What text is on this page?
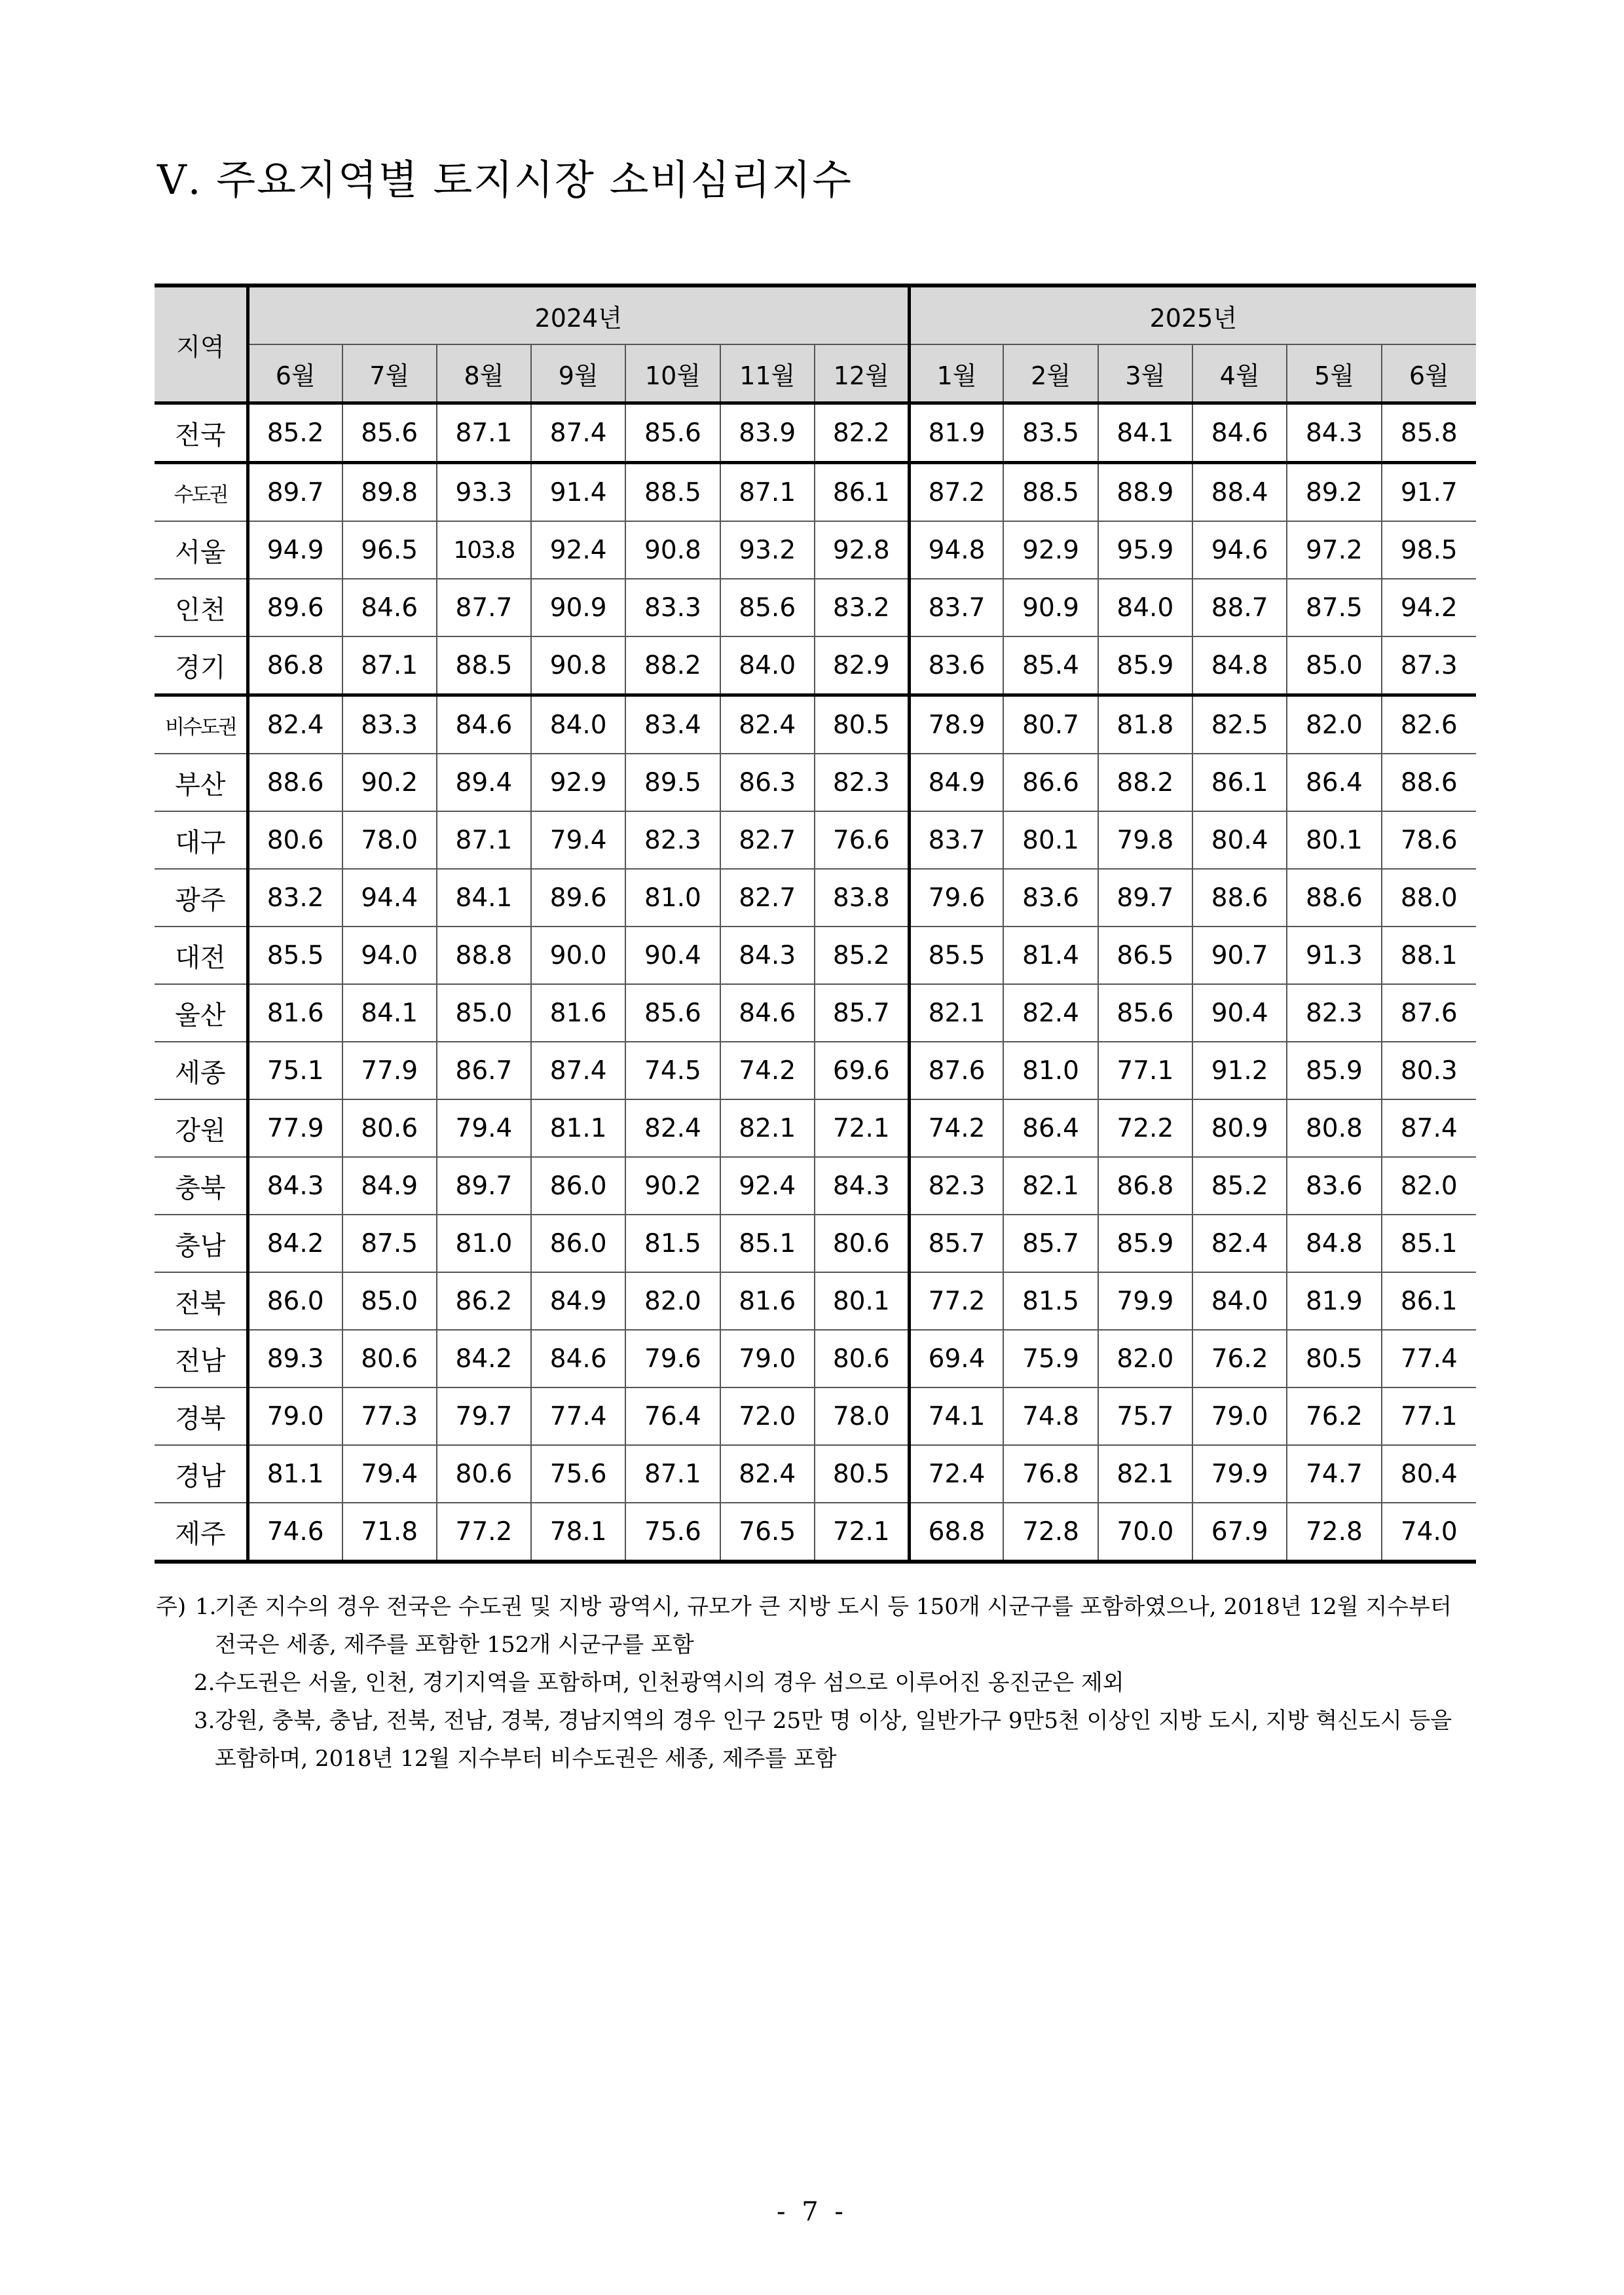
Ⅴ. 주요지역별 토지시장 소비심리지수
지역	2024년							2025년					
	6월	7월	8월	9월	10월	11월	12월	1월	2월	3월	4월	5월	6월
전국	85.2	85.6	87.1	87.4	85.6	83.9	82.2	81.9	83.5	84.1	84.6	84.3	85.8
수도권	89.7	89.8	93.3	91.4	88.5	87.1	86.1	87.2	88.5	88.9	88.4	89.2	91.7
서울	94.9	96.5	103.8	92.4	90.8	93.2	92.8	94.8	92.9	95.9	94.6	97.2	98.5
인천	89.6	84.6	87.7	90.9	83.3	85.6	83.2	83.7	90.9	84.0	88.7	87.5	94.2
경기	86.8	87.1	88.5	90.8	88.2	84.0	82.9	83.6	85.4	85.9	84.8	85.0	87.3
비수도권	82.4	83.3	84.6	84.0	83.4	82.4	80.5	78.9	80.7	81.8	82.5	82.0	82.6
부산	88.6	90.2	89.4	92.9	89.5	86.3	82.3	84.9	86.6	88.2	86.1	86.4	88.6
대구	80.6	78.0	87.1	79.4	82.3	82.7	76.6	83.7	80.1	79.8	80.4	80.1	78.6
광주	83.2	94.4	84.1	89.6	81.0	82.7	83.8	79.6	83.6	89.7	88.6	88.6	88.0
대전	85.5	94.0	88.8	90.0	90.4	84.3	85.2	85.5	81.4	86.5	90.7	91.3	88.1
울산	81.6	84.1	85.0	81.6	85.6	84.6	85.7	82.1	82.4	85.6	90.4	82.3	87.6
세종	75.1	77.9	86.7	87.4	74.5	74.2	69.6	87.6	81.0	77.1	91.2	85.9	80.3
강원	77.9	80.6	79.4	81.1	82.4	82.1	72.1	74.2	86.4	72.2	80.9	80.8	87.4
충북	84.3	84.9	89.7	86.0	90.2	92.4	84.3	82.3	82.1	86.8	85.2	83.6	82.0
충남	84.2	87.5	81.0	86.0	81.5	85.1	80.6	85.7	85.7	85.9	82.4	84.8	85.1
전북	86.0	85.0	86.2	84.9	82.0	81.6	80.1	77.2	81.5	79.9	84.0	81.9	86.1
전남	89.3	80.6	84.2	84.6	79.6	79.0	80.6	69.4	75.9	82.0	76.2	80.5	77.4
경북	79.0	77.3	79.7	77.4	76.4	72.0	78.0	74.1	74.8	75.7	79.0	76.2	77.1
경남	81.1	79.4	80.6	75.6	87.1	82.4	80.5	72.4	76.8	82.1	79.9	74.7	80.4
제주	74.6	71.8	77.2	78.1	75.6	76.5	72.1	68.8	72.8	70.0	67.9	72.8	74.0
주) 1.
기존 지수의 경우 전국은 수도권 및 지방 광역시, 규모가 큰 지방 도시 등 150개 시군구를 포함하였으나, 2018년 12월 지수부터 전국은 세종, 제주를 포함한 152개 시군구를 포함
2. 수도권은 서울, 인천, 경기지역을 포함하며, 인천광역시의 경우 섬으로 이루어진 옹진군은 제외
3. 강원, 충북, 충남, 전북, 전남, 경북, 경남지역의 경우 인구 25만 명 이상, 일반가구 9만5천 이상인 지방 도시, 지방 혁신도시 등을 포함하며, 2018년 12월 지수부터 비수도권은 세종, 제주를 포함
- 7 -
